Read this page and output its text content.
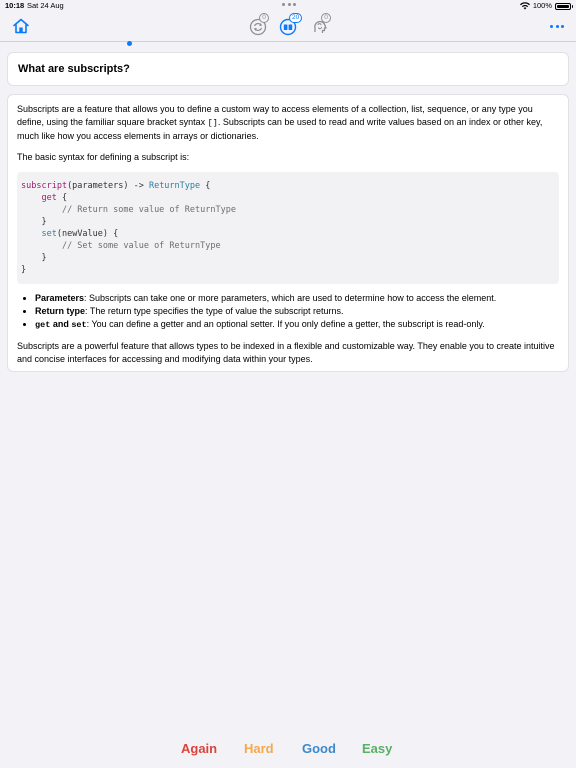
10:18 Sat 24 Aug	100%
0	20	0
What are subscripts?

Subscripts are a feature that allows you to define a custom way to access elements of a collection, list, sequence, or any type you define, using the familiar square bracket syntax []. Subscripts can be used to read and write values based on an index or other key, much like how you access elements in arrays or dictionaries.

The basic syntax for defining a subscript is:

subscript(parameters) -> ReturnType {
get {
// Return some value of ReturnType
}
set(newValue) {
// Set some value of ReturnType
}
}
• Parameters: Subscripts can take one or more parameters, which are used to determine how to access the element.
• Return type: The return type specifies the type of value the subscript returns.
• get and set: You can define a getter and an optional setter. If you only define a getter, the subscript is read-only.

Subscripts are a powerful feature that allows types to be indexed in a flexible and customizable way. They enable you to create intuitive and concise interfaces for accessing and modifying data within your types.

Again Hard Good Easy
